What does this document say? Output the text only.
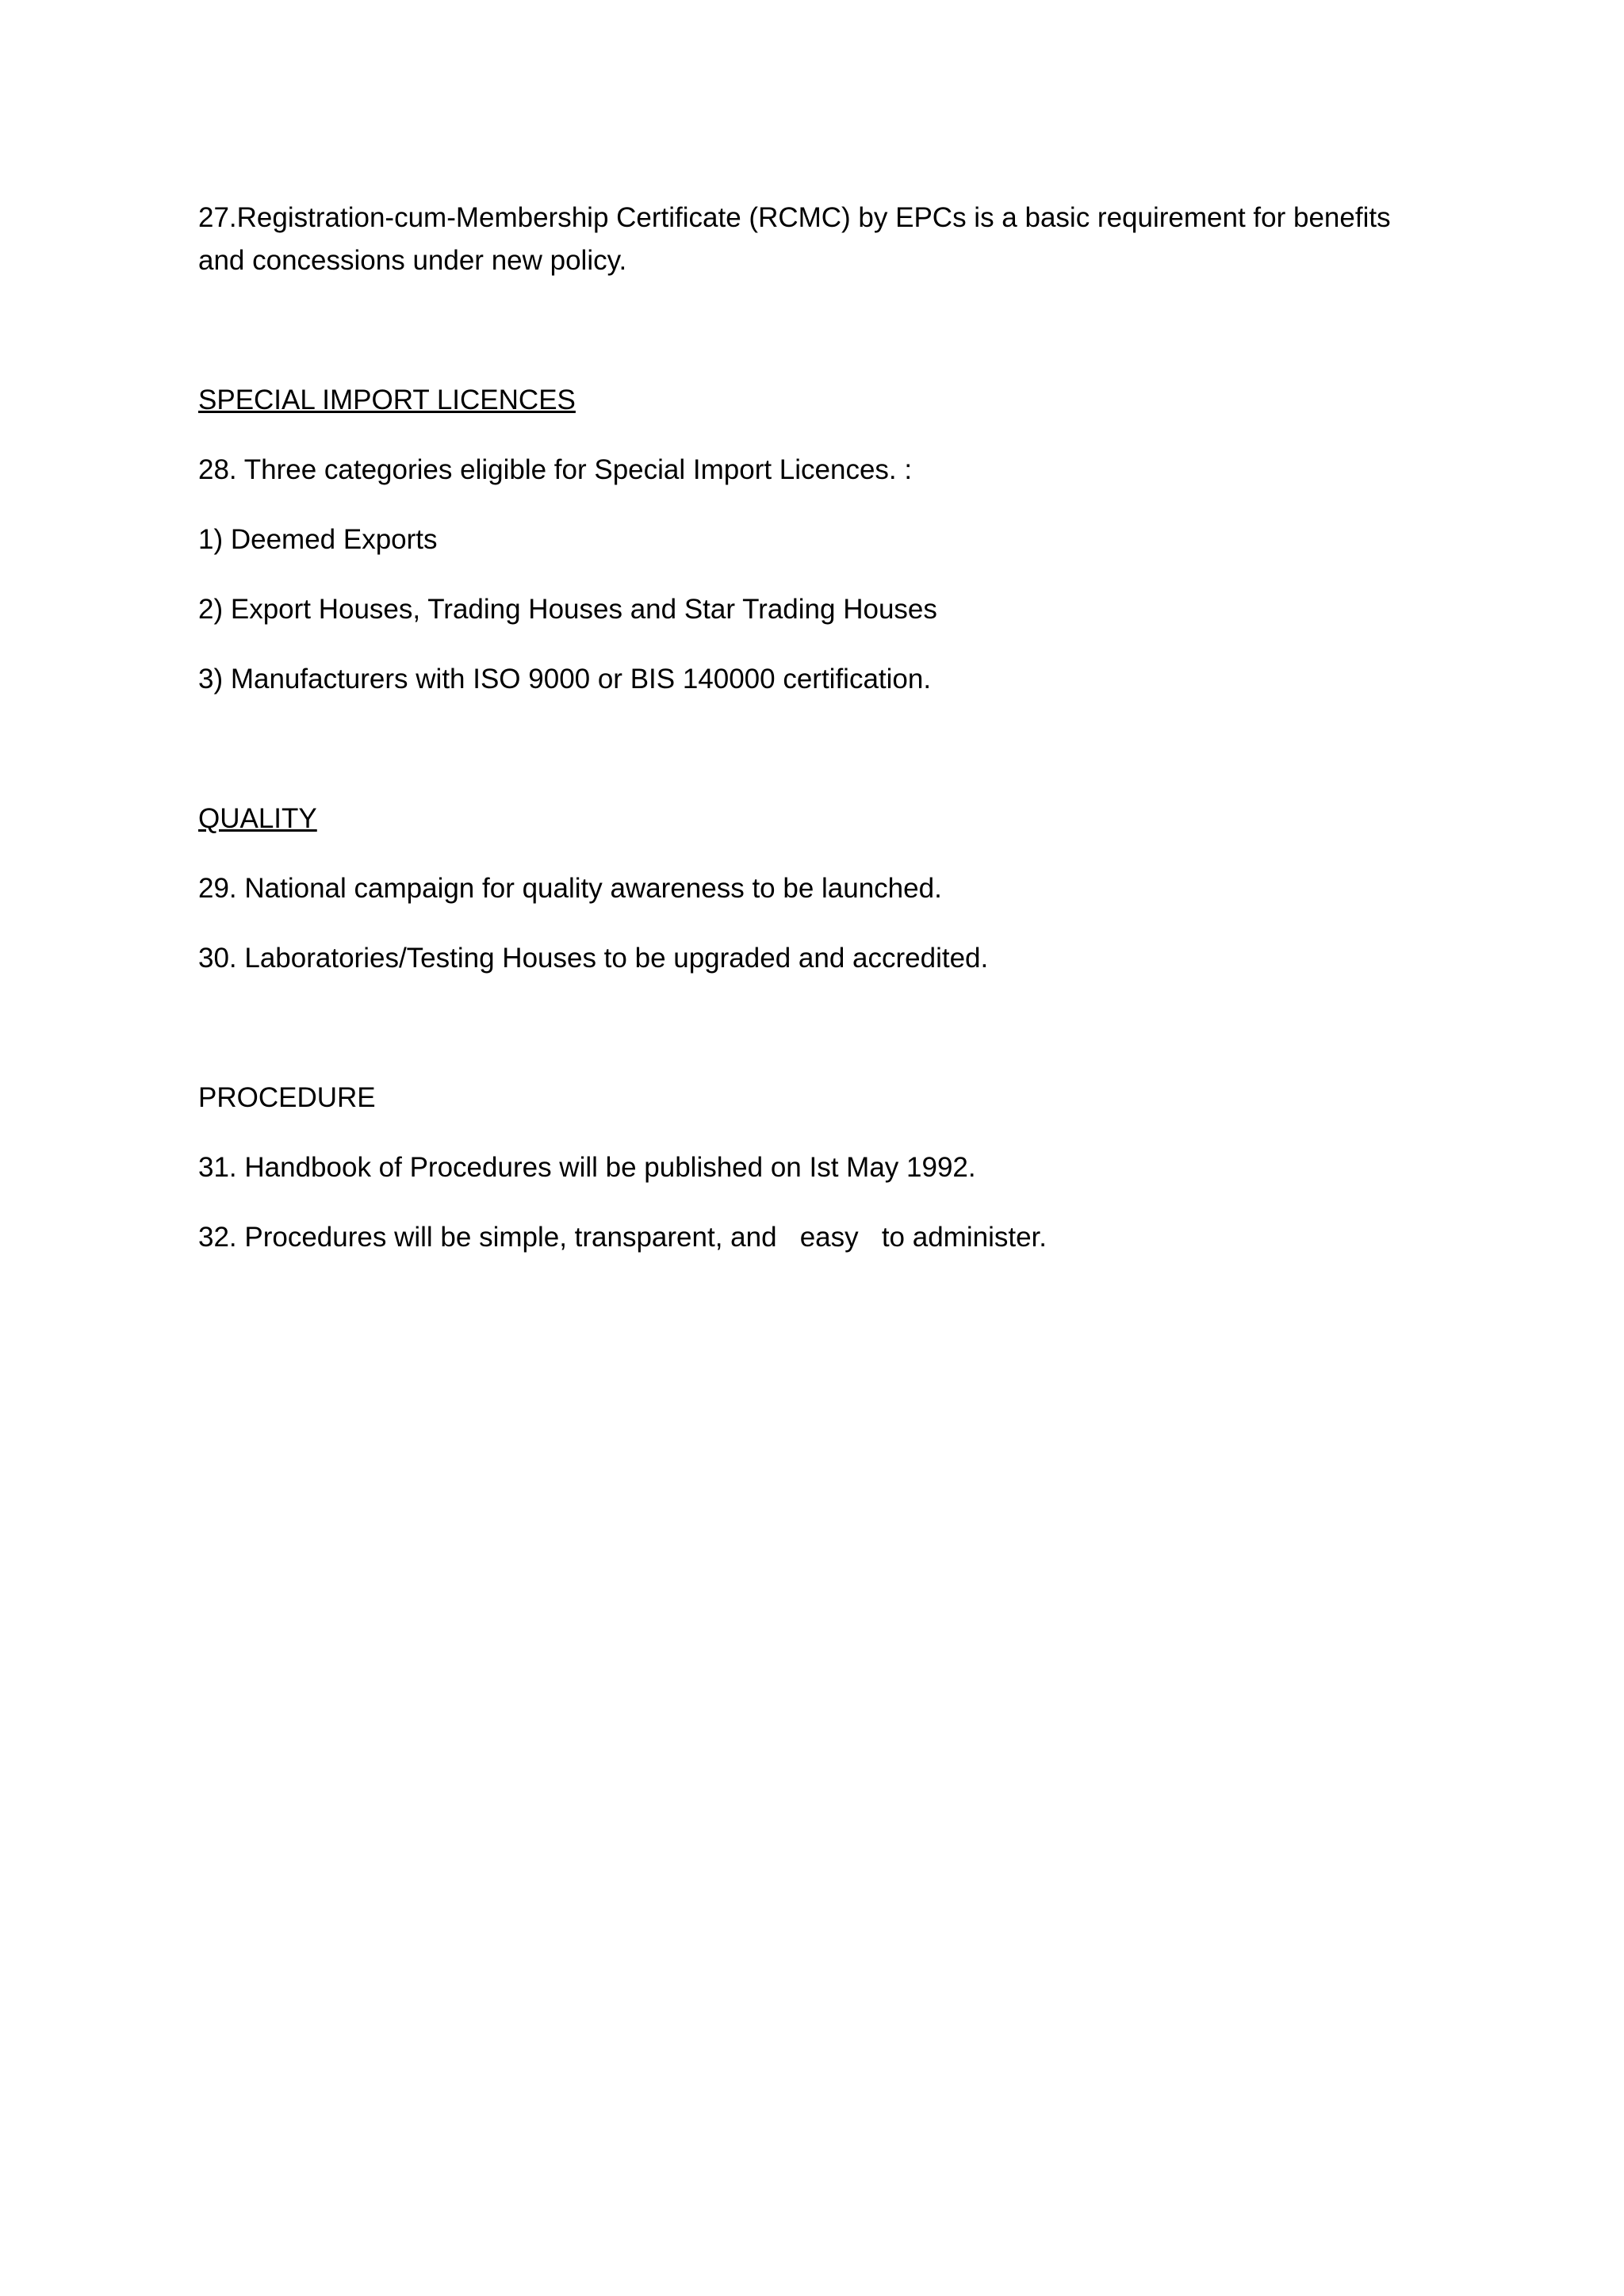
27.Registration-cum-Membership Certificate (RCMC) by EPCs is a basic requirement for benefits and concessions under new policy.

SPECIAL IMPORT LICENCES

28. Three categories eligible for Special Import Licences. :

1) Deemed Exports

2) Export Houses, Trading Houses and Star Trading Houses

3) Manufacturers with ISO 9000 or BIS 140000 certification.

QUALITY

29. National campaign for quality awareness to be launched.

30. Laboratories/Testing Houses to be upgraded and accredited.

PROCEDURE

31. Handbook of Procedures will be published on Ist May 1992.

32. Procedures will be simple, transparent, and   easy   to administer.
